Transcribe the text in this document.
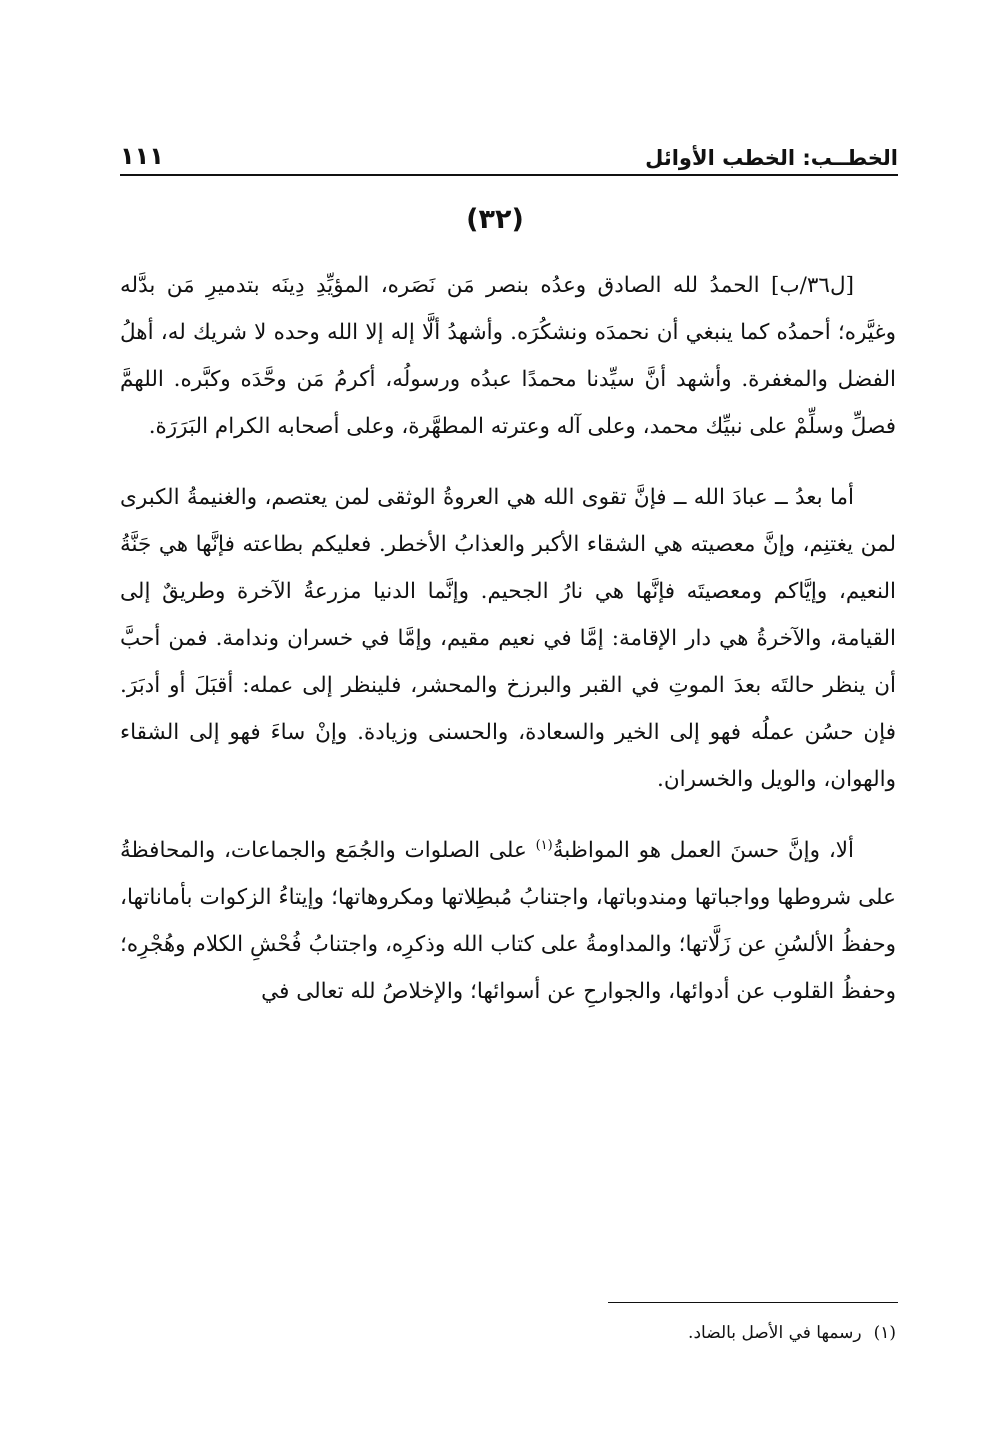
الخطــب: الخطب الأوائل
١١١
(٣٢)

[ل٣٦/ب] الحمدُ لله الصادق وعدُه بنصر مَن نَصَره، المؤيِّدِ دِينَه بتدميرِ مَن بدَّله وغيَّره؛ أحمدُه كما ينبغي أن نحمدَه ونشكُرَه. وأشهدُ ألَّا إله إلا الله وحده لا شريك له، أهلُ الفضل والمغفرة. وأشهد أنَّ سيِّدنا محمدًا عبدُه ورسولُه، أكرمُ مَن وحَّدَه وكبَّره. اللهمَّ فصلِّ وسلِّمْ على نبيِّك محمد، وعلى آله وعترته المطهَّرة، وعلى أصحابه الكرام البَرَرَة.

أما بعدُ ــ عبادَ الله ــ فإنَّ تقوى الله هي العروةُ الوثقى لمن يعتصم، والغنيمةُ الكبرى لمن يغتنِم، وإنَّ معصيته هي الشقاء الأكبر والعذابُ الأخطر. فعليكم بطاعته فإنَّها هي جَنَّةُ النعيم، وإيَّاكم ومعصيتَه فإنَّها هي نارُ الجحيم. وإنَّما الدنيا مزرعةُ الآخرة وطريقٌ إلى القيامة، والآخرةُ هي دار الإقامة: إمَّا في نعيم مقيم، وإمَّا في خسران وندامة. فمن أحبَّ أن ينظر حالتَه بعدَ الموتِ في القبر والبرزخ والمحشر، فلينظر إلى عمله: أقبَلَ أو أدبَرَ. فإن حسُن عملُه فهو إلى الخير والسعادة، والحسنى وزيادة. وإنْ ساءَ فهو إلى الشقاء والهوان، والويل والخسران.

ألا، وإنَّ حسنَ العمل هو المواظبةُ$^{(١)}$ على الصلوات والجُمَع والجماعات، والمحافظةُ على شروطها وواجباتها ومندوباتها، واجتنابُ مُبطِلاتها ومكروهاتها؛ وإيتاءُ الزكوات بأماناتها، وحفظُ الألسُنِ عن زَلَّاتها؛ والمداومةُ على كتاب الله وذكرِه، واجتنابُ فُحْشِ الكلام وهُجْرِه؛ وحفظُ القلوب عن أدوائها، والجوارحِ عن أسوائها؛ والإخلاصُ لله تعالى في

(١)رسمها في الأصل بالضاد.
